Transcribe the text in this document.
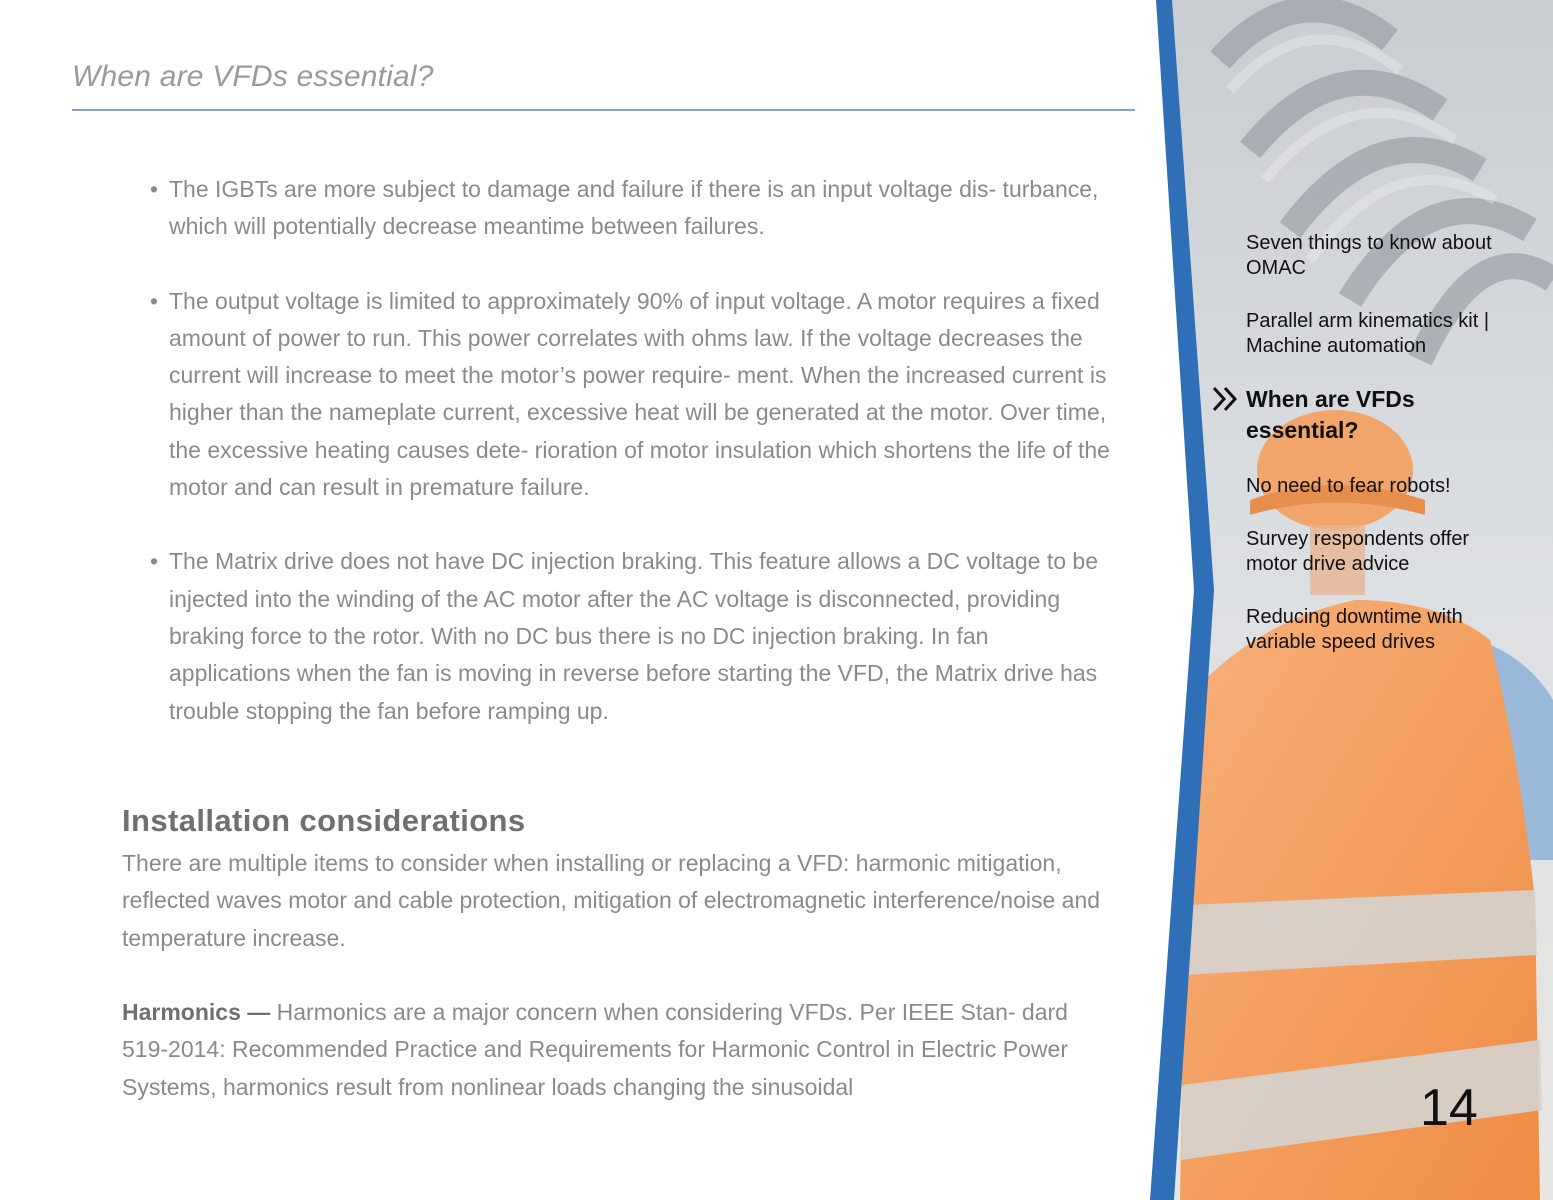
When are VFDs essential?
• The IGBTs are more subject to damage and failure if there is an input voltage dis- turbance, which will potentially decrease meantime between failures.
• The output voltage is limited to approximately 90% of input voltage. A motor requires a fixed amount of power to run. This power correlates with ohms law. If the voltage decreases the current will increase to meet the motor’s power require- ment. When the increased current is higher than the nameplate current, excessive heat will be generated at the motor. Over time, the excessive heating causes dete- rioration of motor insulation which shortens the life of the motor and can result in premature failure.
• The Matrix drive does not have DC injection braking. This feature allows a DC voltage to be injected into the winding of the AC motor after the AC voltage is disconnected, providing braking force to the rotor. With no DC bus there is no DC injection braking. In fan applications when the fan is moving in reverse before starting the VFD, the Matrix drive has trouble stopping the fan before ramping up.
Installation considerations

There are multiple items to consider when installing or replacing a VFD: harmonic mitigation, reflected waves motor and cable protection, mitigation of electromagnetic interference/noise and temperature increase.

Harmonics — Harmonics are a major concern when considering VFDs. Per IEEE Stan- dard 519-2014: Recommended Practice and Requirements for Harmonic Control in Electric Power Systems, harmonics result from nonlinear loads changing the sinusoidal

Seven things to know about OMAC
Parallel arm kinematics kit | Machine automation
When are VFDs essential?
No need to fear robots!
Survey respondents offer motor drive advice
Reducing downtime with variable speed drives
14
